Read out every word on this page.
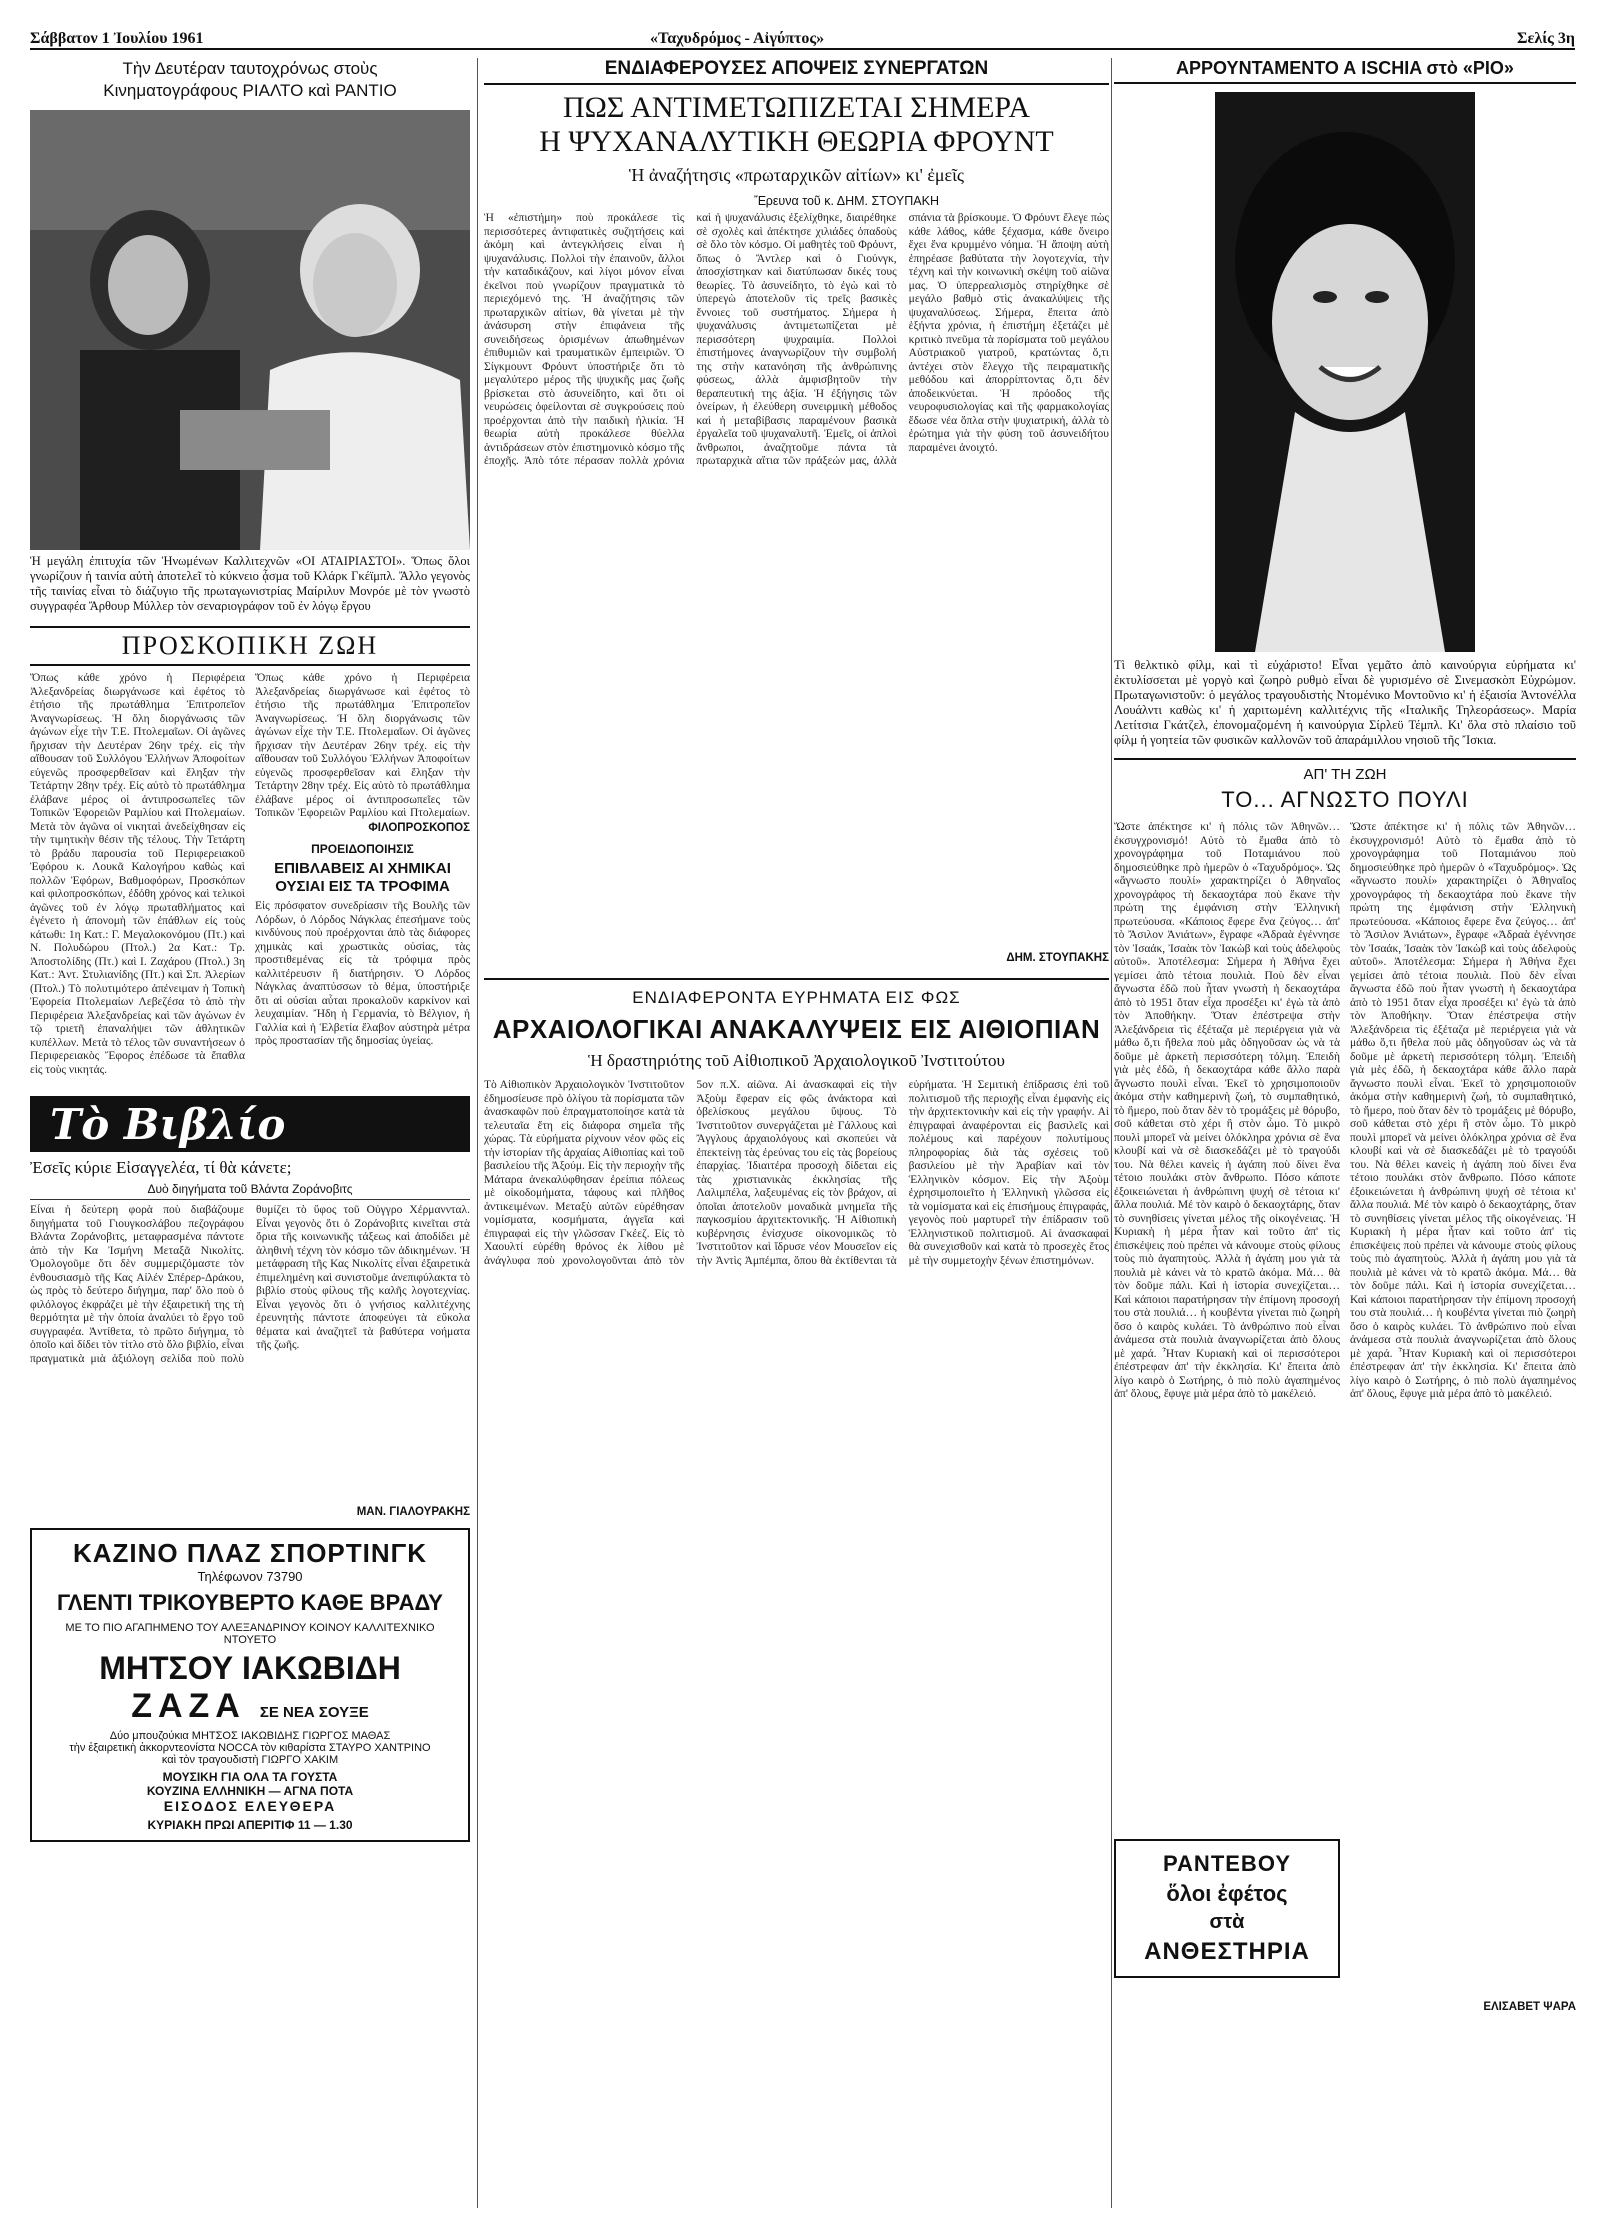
Σάββατον 1 Ἰουλίου 1961	«Ταχυδρόμος - Αἰγύπτος»	Σελίς 3η
Τὴν Δευτέραν ταυτοχρόνως στοὺς
Κινηματογράφους ΡΙΑΛΤΟ καὶ ΡΑΝΤΙΟ
Ἡ μεγάλη ἐπιτυχία τῶν Ἡνωμένων Καλλιτεχνῶν «ΟΙ ΑΤΑΙΡΙΑΣΤΟΙ». Ὅπως ὅλοι γνωρίζουν ἡ ταινία αὐτὴ ἀποτελεῖ τὸ κύκνειο ᾆσμα τοῦ Κλάρκ Γκέϊμπλ. Ἄλλο γεγονὸς τῆς ταινίας εἶναι τὸ διάζυγιο τῆς πρωταγωνιστρίας Μαίριλυν Μονρόε μὲ τὸν γνωστὸ συγγραφέα Ἄρθουρ Μύλλερ τὸν σεναριογράφον τοῦ ἐν λόγῳ ἔργου
ΠΡΟΣΚΟΠΙΚΗ ΖΩΗ
Ὅπως κάθε χρόνο ἡ Περιφέρεια Ἀλεξανδρείας διωργάνωσε καὶ ἐφέτος τὸ ἐτήσιο τῆς πρωτάθλημα Ἐπιτροπεῖον Ἀναγνωρίσεως. Ἡ ὅλη διοργάνωσις τῶν ἀγώνων εἶχε τὴν Τ.Ε. Πτολεμαῖων. Οἱ ἀγῶνες ἤρχισαν τὴν Δευτέραν 26ην τρέχ. εἰς τὴν αἴθουσαν τοῦ Συλλόγου Ἑλλήνων Ἀποφοίτων εὐγενῶς προσφερθεῖσαν καὶ ἔληξαν τὴν Τετάρτην 28ην τρέχ. Εἰς αὐτὸ τὸ πρωτάθλημα ἐλάβανε μέρος οἱ ἀντιπροσωπεῖες τῶν Τοπικῶν Ἐφορειῶν Ραμλίου καὶ Πτολεμαίων. Μετὰ τὸν ἀγῶνα οἱ νικηταὶ ἀνεδείχθησαν εἰς τὴν τιμητικὴν θέσιν τῆς τέλους. Τὴν Τετάρτη τὸ βράδυ παρουσία τοῦ Περιφερειακοῦ Ἐφόρου κ. Λουκᾶ Καλογήρου καθὼς καὶ πολλῶν Ἐφόρων, Βαθμοφόρων, Προσκόπων καὶ φιλοπροσκόπων, ἐδόθη χρόνος καὶ τελικοὶ ἀγῶνες τοῦ ἐν λόγῳ πρωταθλήματος καὶ ἐγένετο ἡ ἀπονομὴ τῶν ἐπάθλων εἰς τοὺς κάτωθι: 1η Κατ.: Γ. Μεγαλοκονόμου (Πτ.) καὶ Ν. Πολυδώρου (Πτολ.) 2α Κατ.: Τρ. Ἀποστολίδης (Πτ.) καὶ Ι. Ζαχάρου (Πτολ.) 3η Κατ.: Ἀντ. Στυλιανίδης (Πτ.) καὶ Σπ. Ἀλερίων (Πτολ.) Τὸ πολυτιμότερο ἀπένειμαν ἡ Τοπικὴ Ἐφορεία Πτολεμαίων Λεβεζέσα τὸ ἀπὸ τὴν Περιφέρεια Ἀλεξανδρείας καὶ τῶν ἀγώνων ἐν τῷ τριετῆ ἐπαναλήψει τῶν ἀθλητικῶν κυπέλλων. Μετὰ τὸ τέλος τῶν συναντήσεων ὁ Περιφερειακὸς Ἔφορος ἐπέδωσε τὰ ἔπαθλα εἰς τοὺς νικητάς.
Ὅπως κάθε χρόνο ἡ Περιφέρεια Ἀλεξανδρείας διωργάνωσε καὶ ἐφέτος τὸ ἐτήσιο τῆς πρωτάθλημα Ἐπιτροπεῖον Ἀναγνωρίσεως. Ἡ ὅλη διοργάνωσις τῶν ἀγώνων εἶχε τὴν Τ.Ε. Πτολεμαῖων. Οἱ ἀγῶνες ἤρχισαν τὴν Δευτέραν 26ην τρέχ. εἰς τὴν αἴθουσαν τοῦ Συλλόγου Ἑλλήνων Ἀποφοίτων εὐγενῶς προσφερθεῖσαν καὶ ἔληξαν τὴν Τετάρτην 28ην τρέχ. Εἰς αὐτὸ τὸ πρωτάθλημα ἐλάβανε μέρος οἱ ἀντιπροσωπεῖες τῶν Τοπικῶν Ἐφορειῶν Ραμλίου καὶ Πτολεμαίων.
ΦΙΛΟΠΡΟΣΚΟΠΟΣ
ΠΡΟΕΙΔΟΠΟΙΗΣΙΣ
ΕΠΙΒΛΑΒΕΙΣ ΑΙ ΧΗΜΙΚΑΙ ΟΥΣΙΑΙ ΕΙΣ ΤΑ ΤΡΟΦΙΜΑ
Εἰς πρόσφατον συνεδρίασιν τῆς Βουλῆς τῶν Λόρδων, ὁ Λόρδος Νάγκλας ἐπεσήμανε τοὺς κινδύνους ποὺ προέρχονται ἀπὸ τὰς διάφορες χημικὰς καὶ χρωστικὰς οὐσίας, τὰς προστιθεμένας εἰς τὰ τρόφιμα πρὸς καλλιτέρευσιν ἢ διατήρησιν. Ὁ Λόρδος Νάγκλας ἀναπτύσσων τὸ θέμα, ὑποστήριξε ὅτι αἱ οὐσίαι αὗται προκαλοῦν καρκίνον καὶ λευχαιμίαν. Ἤδη ἡ Γερμανία, τὸ Βέλγιον, ἡ Γαλλία καὶ ἡ Ἑλβετία ἔλαβον αὐστηρὰ μέτρα πρὸς προστασίαν τῆς δημοσίας ὑγείας.
Τὸ Βιβλίο
Ἐσεῖς κύριε Εἰσαγγελέα, τί θὰ κάνετε;
Δυὸ διηγήματα τοῦ Βλάντα Ζοράνοβιτς
Εἶναι ἡ δεύτερη φορὰ ποὺ διαβάζουμε διηγήματα τοῦ Γιουγκοσλάβου πεζογράφου Βλάντα Ζοράνοβιτς, μεταφρασμένα πάντοτε ἀπὸ τὴν Κα Ἰσμήνη Μεταξᾶ Νικολίτς. Ὁμολογοῦμε ὅτι δὲν συμμεριζόμαστε τὸν ἐνθουσιασμὸ τῆς Κας Αἰλέν Σπέρερ-Δράκου, ὡς πρὸς τὸ δεύτερο διήγημα, παρ' ὅλο ποὺ ὁ φιλόλογος ἐκφράζει μὲ τὴν ἐξαιρετική της τὴ θερμότητα μὲ τὴν ὁποία ἀναλύει τὸ ἔργο τοῦ συγγραφέα. Ἀντίθετα, τὸ πρῶτο διήγημα, τὸ ὁποῖο καὶ δίδει τὸν τίτλο στὸ ὅλο βιβλίο, εἶναι πραγματικὰ μιὰ ἀξιόλογη σελίδα ποὺ πολὺ θυμίζει τὸ ὕφος τοῦ Οὐγγρο Χέρμαννταλ. Εἶναι γεγονὸς ὅτι ὁ Ζοράνοβιτς κινεῖται στὰ ὅρια τῆς κοινωνικῆς τάξεως καὶ ἀποδίδει μὲ ἀληθινὴ τέχνη τὸν κόσμο τῶν ἀδικημένων. Ἡ μετάφραση τῆς Κας Νικολίτς εἶναι ἐξαιρετικὰ ἐπιμελημένη καὶ συνιστοῦμε ἀνεπιφύλακτα τὸ βιβλίο στοὺς φίλους τῆς καλῆς λογοτεχνίας. Εἶναι γεγονὸς ὅτι ὁ γνήσιος καλλιτέχνης ἐρευνητὴς πάντοτε ἀποφεύγει τὰ εὔκολα θέματα καὶ ἀναζητεῖ τὰ βαθύτερα νοήματα τῆς ζωῆς.
ΜΑΝ. ΓΙΑΛΟΥΡΑΚΗΣ
ΚΑΖΙΝΟ ΠΛΑΖ ΣΠΟΡΤΙΝΓΚ
Τηλέφωνον 73790
ΓΛΕΝΤΙ ΤΡΙΚΟΥΒΕΡΤΟ ΚΑΘΕ ΒΡΑΔΥ
ΜΕ ΤΟ ΠΙΟ ΑΓΑΠΗΜΕΝΟ ΤΟΥ ΑΛΕΞΑΝΔΡΙΝΟΥ ΚΟΙΝΟΥ ΚΑΛΛΙΤΕΧΝΙΚΟ ΝΤΟΥΕΤΟ
ΜΗΤΣΟΥ ΙΑΚΩΒΙΔΗ
ΖΑΖΑ ΣΕ ΝΕΑ ΣΟΥΞΕ
Δύο μπουζούκια ΜΗΤΣΟΣ ΙΑΚΩΒΙΔΗΣ ΓΙΩΡΓΟΣ ΜΑΘΑΣ
τὴν ἐξαιρετικὴ ἀκκορντεονίστα NOCCA τὸν κιθαρίστα ΣΤΑΥΡΟ ΧΑΝΤΡΙΝΟ
καὶ τὸν τραγουδιστὴ ΓΙΩΡΓΟ ΧΑΚΙΜ
ΜΟΥΣΙΚΗ ΓΙΑ ΟΛΑ ΤΑ ΓΟΥΣΤΑ
ΚΟΥΖΙΝΑ ΕΛΛΗΝΙΚΗ — ΑΓΝΑ ΠΟΤΑ
ΕΙΣΟΔΟΣ ΕΛΕΥΘΕΡΑ
ΚΥΡΙΑΚΗ ΠΡΩΙ ΑΠΕΡΙΤΙΦ 11 — 1.30
ΕΝΔΙΑΦΕΡΟΥΣΕΣ ΑΠΟΨΕΙΣ ΣΥΝΕΡΓΑΤΩΝ
ΠΩΣ ΑΝΤΙΜΕΤΩΠΙΖΕΤΑΙ ΣΗΜΕΡΑ
Η ΨΥΧΑΝΑΛΥΤΙΚΗ ΘΕΩΡΙΑ ΦΡΟΥΝΤ
Ἡ ἀναζήτησις «πρωταρχικῶν αἰτίων» κι' ἐμεῖς
Ἔρευνα τοῦ κ. ΔΗΜ. ΣΤΟΥΠΑΚΗ
Ἡ «ἐπιστήμη» ποὺ προκάλεσε τὶς περισσότερες ἀντιφατικὲς συζητήσεις καὶ ἀκόμη καὶ ἀντεγκλήσεις εἶναι ἡ ψυχανάλυσις. Πολλοὶ τὴν ἐπαινοῦν, ἄλλοι τὴν καταδικάζουν, καὶ λίγοι μόνον εἶναι ἐκεῖνοι ποὺ γνωρίζουν πραγματικὰ τὸ περιεχόμενό της. Ἡ ἀναζήτησις τῶν πρωταρχικῶν αἰτίων, θὰ γίνεται μὲ τὴν ἀνάσυρση στὴν ἐπιφάνεια τῆς συνειδήσεως ὁρισμένων ἀπωθημένων ἐπιθυμιῶν καὶ τραυματικῶν ἐμπειριῶν. Ὁ Σίγκμουντ Φρόυντ ὑποστήριξε ὅτι τὸ μεγαλύτερο μέρος τῆς ψυχικῆς μας ζωῆς βρίσκεται στὸ ἀσυνείδητο, καὶ ὅτι οἱ νευρώσεις ὀφείλονται σὲ συγκρούσεις ποὺ προέρχονται ἀπὸ τὴν παιδικὴ ἡλικία. Ἡ θεωρία αὐτὴ προκάλεσε θύελλα ἀντιδράσεων στὸν ἐπιστημονικὸ κόσμο τῆς ἐποχῆς. Ἀπὸ τότε πέρασαν πολλὰ χρόνια καὶ ἡ ψυχανάλυσις ἐξελίχθηκε, διαιρέθηκε σὲ σχολὲς καὶ ἀπέκτησε χιλιάδες ὀπαδοὺς σὲ ὅλο τὸν κόσμο. Οἱ μαθητὲς τοῦ Φρόυντ, ὅπως ὁ Ἄντλερ καὶ ὁ Γιούνγκ, ἀποσχίστηκαν καὶ διατύπωσαν δικές τους θεωρίες. Τὸ ἀσυνείδητο, τὸ ἐγὼ καὶ τὸ ὑπερεγὼ ἀποτελοῦν τὶς τρεῖς βασικὲς ἔννοιες τοῦ συστήματος. Σήμερα ἡ ψυχανάλυσις ἀντιμετωπίζεται μὲ περισσότερη ψυχραιμία. Πολλοὶ ἐπιστήμονες ἀναγνωρίζουν τὴν συμβολή της στὴν κατανόηση τῆς ἀνθρώπινης φύσεως, ἀλλὰ ἀμφισβητοῦν τὴν θεραπευτική της ἀξία. Ἡ ἐξήγησις τῶν ὀνείρων, ἡ ἐλεύθερη συνειρμικὴ μέθοδος καὶ ἡ μεταβίβασις παραμένουν βασικὰ ἐργαλεῖα τοῦ ψυχαναλυτῆ. Ἐμεῖς, οἱ ἁπλοὶ ἄνθρωποι, ἀναζητοῦμε πάντα τὰ πρωταρχικὰ αἴτια τῶν πράξεών μας, ἀλλὰ σπάνια τὰ βρίσκουμε. Ὁ Φρόυντ ἔλεγε πὼς κάθε λάθος, κάθε ξέχασμα, κάθε ὄνειρο ἔχει ἕνα κρυμμένο νόημα. Ἡ ἄποψη αὐτὴ ἐπηρέασε βαθύτατα τὴν λογοτεχνία, τὴν τέχνη καὶ τὴν κοινωνικὴ σκέψη τοῦ αἰῶνα μας. Ὁ ὑπερρεαλισμὸς στηρίχθηκε σὲ μεγάλο βαθμὸ στὶς ἀνακαλύψεις τῆς ψυχαναλύσεως. Σήμερα, ἔπειτα ἀπὸ ἑξήντα χρόνια, ἡ ἐπιστήμη ἐξετάζει μὲ κριτικὸ πνεῦμα τὰ πορίσματα τοῦ μεγάλου Αὐστριακοῦ γιατροῦ, κρατώντας ὅ,τι ἀντέχει στὸν ἔλεγχο τῆς πειραματικῆς μεθόδου καὶ ἀπορρίπτοντας ὅ,τι δὲν ἀποδεικνύεται. Ἡ πρόοδος τῆς νευροφυσιολογίας καὶ τῆς φαρμακολογίας ἔδωσε νέα ὅπλα στὴν ψυχιατρική, ἀλλὰ τὸ ἐρώτημα γιὰ τὴν φύση τοῦ ἀσυνειδήτου παραμένει ἀνοιχτό.
ΔΗΜ. ΣΤΟΥΠΑΚΗΣ
ΕΝΔΙΑΦΕΡΟΝΤΑ ΕΥΡΗΜΑΤΑ ΕΙΣ ΦΩΣ
ΑΡΧΑΙΟΛΟΓΙΚΑΙ ΑΝΑΚΑΛΥΨΕΙΣ ΕΙΣ ΑΙΘΙΟΠΙΑΝ
Ἡ δραστηριότης τοῦ Αἰθιοπικοῦ Ἀρχαιολογικοῦ Ἰνστιτούτου
Τὸ Αἰθιοπικὸν Ἀρχαιολογικὸν Ἰνστιτοῦτον ἐδημοσίευσε πρὸ ὀλίγου τὰ πορίσματα τῶν ἀνασκαφῶν ποὺ ἐπραγματοποίησε κατὰ τὰ τελευταῖα ἔτη εἰς διάφορα σημεῖα τῆς χώρας. Τὰ εὑρήματα ρίχνουν νέον φῶς εἰς τὴν ἱστορίαν τῆς ἀρχαίας Αἰθιοπίας καὶ τοῦ βασιλείου τῆς Ἀξούμ. Εἰς τὴν περιοχὴν τῆς Μάταρα ἀνεκαλύφθησαν ἐρείπια πόλεως μὲ οἰκοδομήματα, τάφους καὶ πλῆθος ἀντικειμένων. Μεταξὺ αὐτῶν εὑρέθησαν νομίσματα, κοσμήματα, ἀγγεῖα καὶ ἐπιγραφαὶ εἰς τὴν γλῶσσαν Γκέεζ. Εἰς τὸ Χαουλτί εὑρέθη θρόνος ἐκ λίθου μὲ ἀνάγλυφα ποὺ χρονολογοῦνται ἀπὸ τὸν 5ον π.Χ. αἰῶνα. Αἱ ἀνασκαφαὶ εἰς τὴν Ἀξοὺμ ἔφεραν εἰς φῶς ἀνάκτορα καὶ ὀβελίσκους μεγάλου ὕψους. Τὸ Ἰνστιτοῦτον συνεργάζεται μὲ Γάλλους καὶ Ἄγγλους ἀρχαιολόγους καὶ σκοπεύει νὰ ἐπεκτείνῃ τὰς ἐρεύνας του εἰς τὰς βορείους ἐπαρχίας. Ἰδιαιτέρα προσοχὴ δίδεται εἰς τὰς χριστιανικὰς ἐκκλησίας τῆς Λαλιμπέλα, λαξευμένας εἰς τὸν βράχον, αἱ ὁποῖαι ἀποτελοῦν μοναδικὰ μνημεῖα τῆς παγκοσμίου ἀρχιτεκτονικῆς. Ἡ Αἰθιοπικὴ κυβέρνησις ἐνίσχυσε οἰκονομικῶς τὸ Ἰνστιτοῦτον καὶ ἵδρυσε νέον Μουσεῖον εἰς τὴν Ἀντὶς Ἀμπέμπα, ὅπου θὰ ἐκτίθενται τὰ εὑρήματα. Ἡ Σεμιτικὴ ἐπίδρασις ἐπὶ τοῦ πολιτισμοῦ τῆς περιοχῆς εἶναι ἐμφανὴς εἰς τὴν ἀρχιτεκτονικὴν καὶ εἰς τὴν γραφήν. Αἱ ἐπιγραφαὶ ἀναφέρονται εἰς βασιλεῖς καὶ πολέμους καὶ παρέχουν πολυτίμους πληροφορίας διὰ τὰς σχέσεις τοῦ βασιλείου μὲ τὴν Ἀραβίαν καὶ τὸν Ἑλληνικὸν κόσμον. Εἰς τὴν Ἀξοὺμ ἐχρησιμοποιεῖτο ἡ Ἑλληνικὴ γλῶσσα εἰς τὰ νομίσματα καὶ εἰς ἐπισήμους ἐπιγραφάς, γεγονὸς ποὺ μαρτυρεῖ τὴν ἐπίδρασιν τοῦ Ἑλληνιστικοῦ πολιτισμοῦ. Αἱ ἀνασκαφαὶ θὰ συνεχισθοῦν καὶ κατὰ τὸ προσεχὲς ἔτος μὲ τὴν συμμετοχὴν ξένων ἐπιστημόνων.
ΑΡΡΟΥΝΤΑΜΕΝΤΟ Α ΙSCHIA στὸ «ΡΙΟ»
Τὶ θελκτικὸ φίλμ, καὶ τὶ εὐχάριστο! Εἶναι γεμᾶτο ἀπὸ καινούργια εὑρήματα κι' ἐκτυλίσσεται μὲ γοργὸ καὶ ζωηρὸ ρυθμὸ εἶναι δὲ γυρισμένο σὲ Σινεμασκὸπ Εὐχρώμον. Πρωταγωνιστοῦν: ὁ μεγάλος τραγουδιστὴς Ντομένικο Μοντοῦνιο κι' ἡ ἐξαισία Ἀντονέλλα Λουάλντι καθὼς κι' ἡ χαριτωμένη καλλιτέχνις τῆς «Ιταλικῆς Τηλεοράσεως». Μαρία Λετίτσια Γκάτζελ, ἐπονομαζομένη ἡ καινούργια Σίρλεϋ Τέμπλ. Κι' ὅλα στὸ πλαίσιο τοῦ φίλμ ἡ γοητεία τῶν φυσικῶν καλλονῶν τοῦ ἀπαράμιλλου νησιοῦ τῆς Ἴσκια.
ΑΠ' ΤΗ ΖΩΗ
ΤΟ... ΑΓΝΩΣΤΟ ΠΟΥΛΙ
Ὥστε ἀπέκτησε κι' ἡ πόλις τῶν Ἀθηνῶν… ἐκσυγχρονισμό! Αὐτὸ τὸ ἔμαθα ἀπὸ τὸ χρονογράφημα τοῦ Ποταμιάνου ποὺ δημοσιεύθηκε πρὸ ἡμερῶν ὁ «Ταχυδρόμος». Ὡς «ἄγνωστο πουλί» χαρακτηρίζει ὁ Ἀθηναῖος χρονογράφος τὴ δεκαοχτάρα ποὺ ἔκανε τὴν πρώτη της ἐμφάνιση στὴν Ἑλληνικὴ πρωτεύουσα. «Κάποιος ἔφερε ἕνα ζεύγος… ἀπ' τὸ Ἄσιλον Ἀνιάτων», ἔγραφε «Ἀδραὰ ἐγέννησε τὸν Ἰσαάκ, Ἰσαὰκ τὸν Ἰακὼβ καὶ τοὺς ἀδελφοὺς αὐτοῦ». Ἀποτέλεσμα: Σήμερα ἡ Ἀθήνα ἔχει γεμίσει ἀπὸ τέτοια πουλιὰ. Ποὺ δὲν εἶναι ἄγνωστα ἐδῶ ποὺ ἦταν γνωστὴ ἡ δεκαοχτάρα ἀπὸ τὸ 1951 ὅταν εἶχα προσέξει κι' ἐγὼ τὰ ἀπὸ τὸν Ἀποθήκην. Ὅταν ἐπέστρεψα στὴν Ἀλεξάνδρεια τὶς ἐξέταζα μὲ περιέργεια γιὰ νὰ μάθω ὅ,τι ἤθελα ποὺ μᾶς ὁδηγοῦσαν ὡς νὰ τὰ δοῦμε μὲ ἀρκετὴ περισσότερη τόλμη. Ἐπειδὴ γιὰ μὲς ἐδῶ, ἡ δεκαοχτάρα κάθε ἄλλο παρὰ ἄγνωστο πουλὶ εἶναι. Ἐκεῖ τὸ χρησιμοποιοῦν ἀκόμα στὴν καθημερινὴ ζωή, τὸ συμπαθητικό, τὸ ἥμερο, ποὺ ὅταν δὲν τὸ τρομάξεις μὲ θόρυβο, σοῦ κάθεται στὸ χέρι ἢ στὸν ὦμο. Τὸ μικρὸ πουλὶ μπορεῖ νὰ μείνει ὁλόκληρα χρόνια σὲ ἕνα κλουβί καὶ νὰ σὲ διασκεδάζει μὲ τὸ τραγούδι του. Νὰ θέλει κανεὶς ἡ ἀγάπη ποὺ δίνει ἕνα τέτοιο πουλάκι στὸν ἄνθρωπο. Πόσο κάποτε ἐξοικειώνεται ἡ ἀνθρώπινη ψυχή σὲ τέτοια κι' ἄλλα πουλιά. Μέ τὸν καιρὸ ὁ δεκαοχτάρης, ὅταν τὸ συνηθίσεις γίνεται μέλος τῆς οἰκογένειας. Ἡ Κυριακὴ ἡ μέρα ἦταν καὶ τοῦτο ἀπ' τὶς ἐπισκέψεις ποὺ πρέπει νὰ κάνουμε στοὺς φίλους τοὺς πιὸ ἀγαπητοὺς. Ἀλλὰ ἡ ἀγάπη μου γιὰ τὰ πουλιὰ μὲ κάνει νὰ τὸ κρατῶ ἀκόμα. Μά… θὰ τὸν δοῦμε πάλι. Καὶ ἡ ἰστορία συνεχίζεται… Καὶ κάποιοι παρατήρησαν τὴν ἐπίμονη προσοχή του στὰ πουλιά… ἡ κουβέντα γίνεται πιὸ ζωηρὴ ὅσο ὁ καιρὸς κυλάει. Τὸ ἀνθρώπινο ποὺ εἶναι ἀνάμεσα στὰ πουλιὰ ἀναγνωρίζεται ἀπὸ ὅλους μὲ χαρά. Ἦταν Κυριακὴ καὶ οἱ περισσότεροι ἐπέστρεφαν ἀπ' τὴν ἐκκλησία. Κι' ἔπειτα ἀπὸ λίγο καιρὸ ὁ Σωτήρης, ὁ πιὸ πολὺ ἀγαπημένος ἀπ' ὅλους, ἔφυγε μιὰ μέρα ἀπὸ τὸ μακέλειό.
ΡΑΝΤΕΒΟΥ
ὅλοι ἐφέτος
στὰ
ΑΝΘΕΣΤΗΡΙΑ
Ὥστε ἀπέκτησε κι' ἡ πόλις τῶν Ἀθηνῶν… ἐκσυγχρονισμό! Αὐτὸ τὸ ἔμαθα ἀπὸ τὸ χρονογράφημα τοῦ Ποταμιάνου ποὺ δημοσιεύθηκε πρὸ ἡμερῶν ὁ «Ταχυδρόμος». Ὡς «ἄγνωστο πουλί» χαρακτηρίζει ὁ Ἀθηναῖος χρονογράφος τὴ δεκαοχτάρα ποὺ ἔκανε τὴν πρώτη της ἐμφάνιση στὴν Ἑλληνικὴ πρωτεύουσα. «Κάποιος ἔφερε ἕνα ζεύγος… ἀπ' τὸ Ἄσιλον Ἀνιάτων», ἔγραφε «Ἀδραὰ ἐγέννησε τὸν Ἰσαάκ, Ἰσαὰκ τὸν Ἰακὼβ καὶ τοὺς ἀδελφοὺς αὐτοῦ». Ἀποτέλεσμα: Σήμερα ἡ Ἀθήνα ἔχει γεμίσει ἀπὸ τέτοια πουλιὰ. Ποὺ δὲν εἶναι ἄγνωστα ἐδῶ ποὺ ἦταν γνωστὴ ἡ δεκαοχτάρα ἀπὸ τὸ 1951 ὅταν εἶχα προσέξει κι' ἐγὼ τὰ ἀπὸ τὸν Ἀποθήκην. Ὅταν ἐπέστρεψα στὴν Ἀλεξάνδρεια τὶς ἐξέταζα μὲ περιέργεια γιὰ νὰ μάθω ὅ,τι ἤθελα ποὺ μᾶς ὁδηγοῦσαν ὡς νὰ τὰ δοῦμε μὲ ἀρκετὴ περισσότερη τόλμη. Ἐπειδὴ γιὰ μὲς ἐδῶ, ἡ δεκαοχτάρα κάθε ἄλλο παρὰ ἄγνωστο πουλὶ εἶναι. Ἐκεῖ τὸ χρησιμοποιοῦν ἀκόμα στὴν καθημερινὴ ζωή, τὸ συμπαθητικό, τὸ ἥμερο, ποὺ ὅταν δὲν τὸ τρομάξεις μὲ θόρυβο, σοῦ κάθεται στὸ χέρι ἢ στὸν ὦμο. Τὸ μικρὸ πουλὶ μπορεῖ νὰ μείνει ὁλόκληρα χρόνια σὲ ἕνα κλουβί καὶ νὰ σὲ διασκεδάζει μὲ τὸ τραγούδι του. Νὰ θέλει κανεὶς ἡ ἀγάπη ποὺ δίνει ἕνα τέτοιο πουλάκι στὸν ἄνθρωπο. Πόσο κάποτε ἐξοικειώνεται ἡ ἀνθρώπινη ψυχή σὲ τέτοια κι' ἄλλα πουλιά. Μέ τὸν καιρὸ ὁ δεκαοχτάρης, ὅταν τὸ συνηθίσεις γίνεται μέλος τῆς οἰκογένειας. Ἡ Κυριακὴ ἡ μέρα ἦταν καὶ τοῦτο ἀπ' τὶς ἐπισκέψεις ποὺ πρέπει νὰ κάνουμε στοὺς φίλους τοὺς πιὸ ἀγαπητοὺς. Ἀλλὰ ἡ ἀγάπη μου γιὰ τὰ πουλιὰ μὲ κάνει νὰ τὸ κρατῶ ἀκόμα. Μά… θὰ τὸν δοῦμε πάλι. Καὶ ἡ ἰστορία συνεχίζεται… Καὶ κάποιοι παρατήρησαν τὴν ἐπίμονη προσοχή του στὰ πουλιά… ἡ κουβέντα γίνεται πιὸ ζωηρὴ ὅσο ὁ καιρὸς κυλάει. Τὸ ἀνθρώπινο ποὺ εἶναι ἀνάμεσα στὰ πουλιὰ ἀναγνωρίζεται ἀπὸ ὅλους μὲ χαρά. Ἦταν Κυριακὴ καὶ οἱ περισσότεροι ἐπέστρεφαν ἀπ' τὴν ἐκκλησία. Κι' ἔπειτα ἀπὸ λίγο καιρὸ ὁ Σωτήρης, ὁ πιὸ πολὺ ἀγαπημένος ἀπ' ὅλους, ἔφυγε μιὰ μέρα ἀπὸ τὸ μακέλειό.
ΕΛΙΣΑΒΕΤ ΨΑΡΑ
